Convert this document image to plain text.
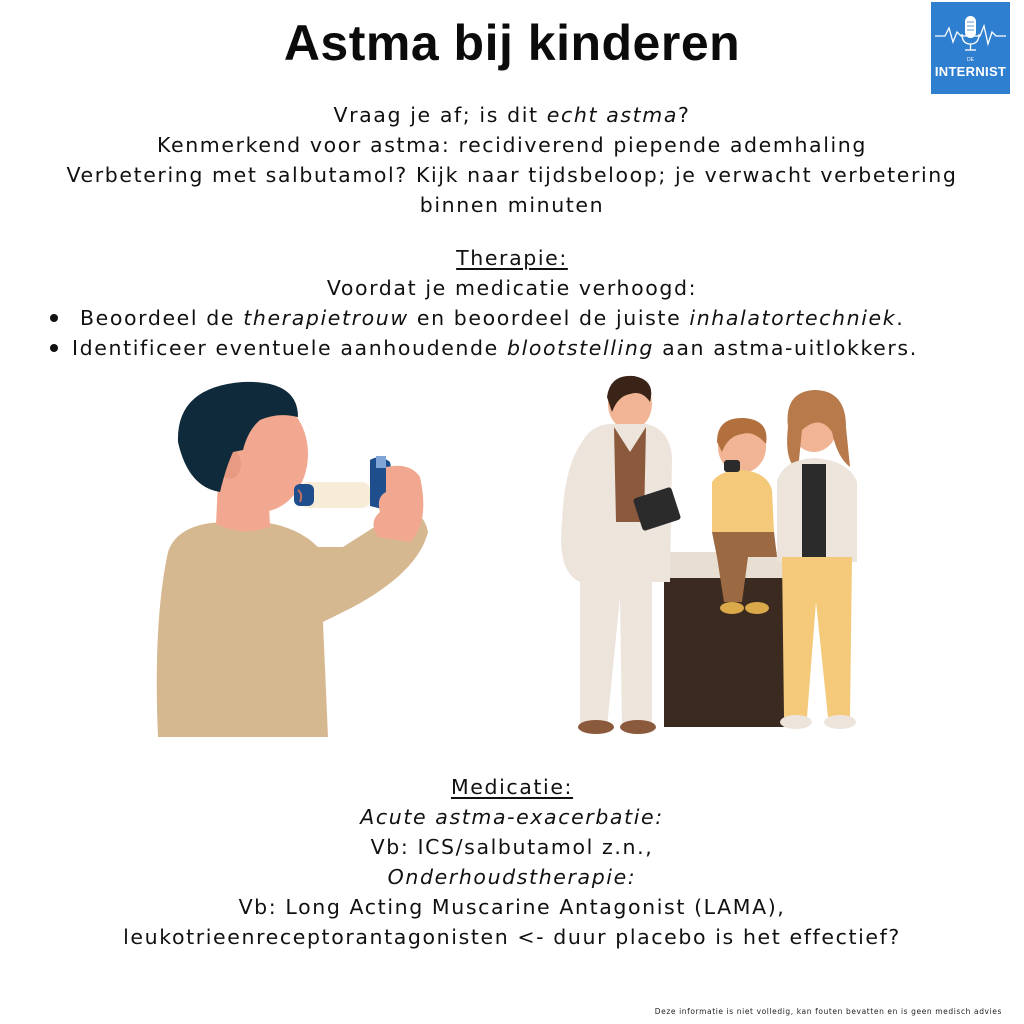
Astma bij kinderen	DE
INTERNIST
Vraag je af; is dit echt astma?
Kenmerkend voor astma: recidiverend piepende ademhaling
Verbetering met salbutamol? Kijk naar tijdsbeloop; je verwacht verbetering
binnen minuten
Therapie:
Voordat je medicatie verhoogd:
Beoordeel de therapietrouw en beoordeel de juiste inhalatortechniek.
Identificeer eventuele aanhoudende blootstelling aan astma-uitlokkers.
Medicatie:
Acute astma-exacerbatie:
Vb: ICS/salbutamol z.n.,
Onderhoudstherapie:
Vb: Long Acting Muscarine Antagonist (LAMA),
leukotrieenreceptorantagonisten <- duur placebo is het effectief?
Deze informatie is niet volledig, kan fouten bevatten en is geen medisch advies
